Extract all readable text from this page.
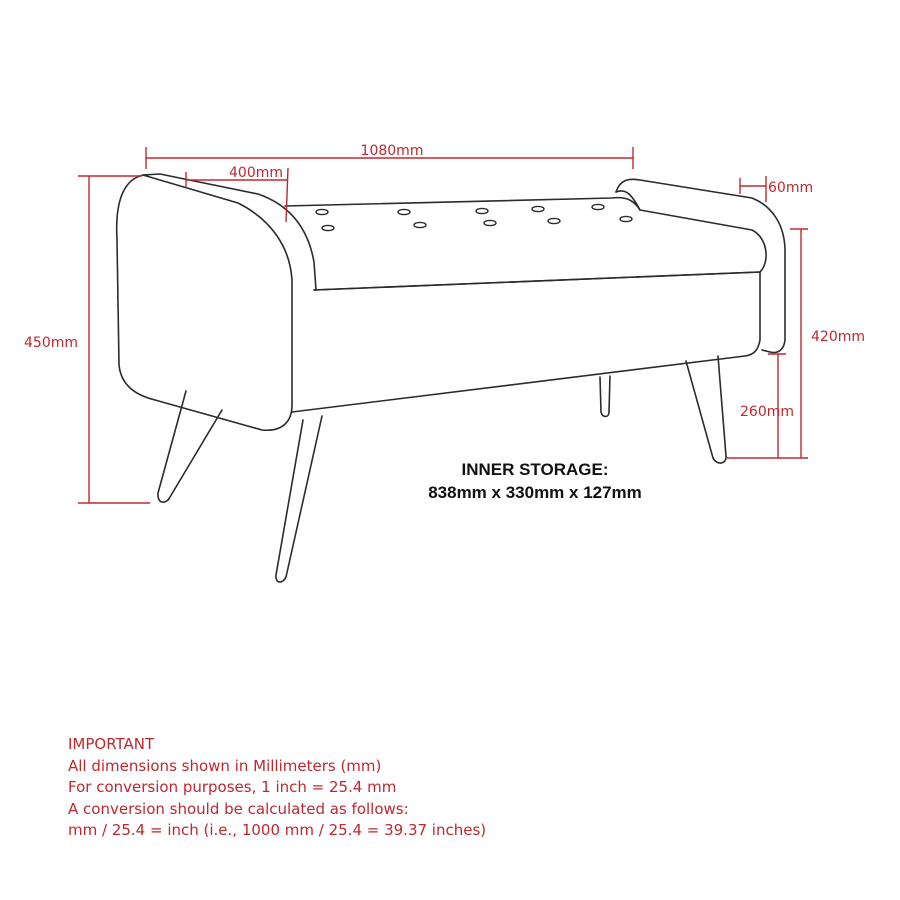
1080mm
400mm
60mm
450mm	420mm
260mm
INNER STORAGE:
838mm x 330mm x 127mm
IMPORTANT
All dimensions shown in Millimeters (mm)
For conversion purposes, 1 inch = 25.4 mm
A conversion should be calculated as follows:
mm / 25.4 = inch (i.e., 1000 mm / 25.4 = 39.37 inches)
